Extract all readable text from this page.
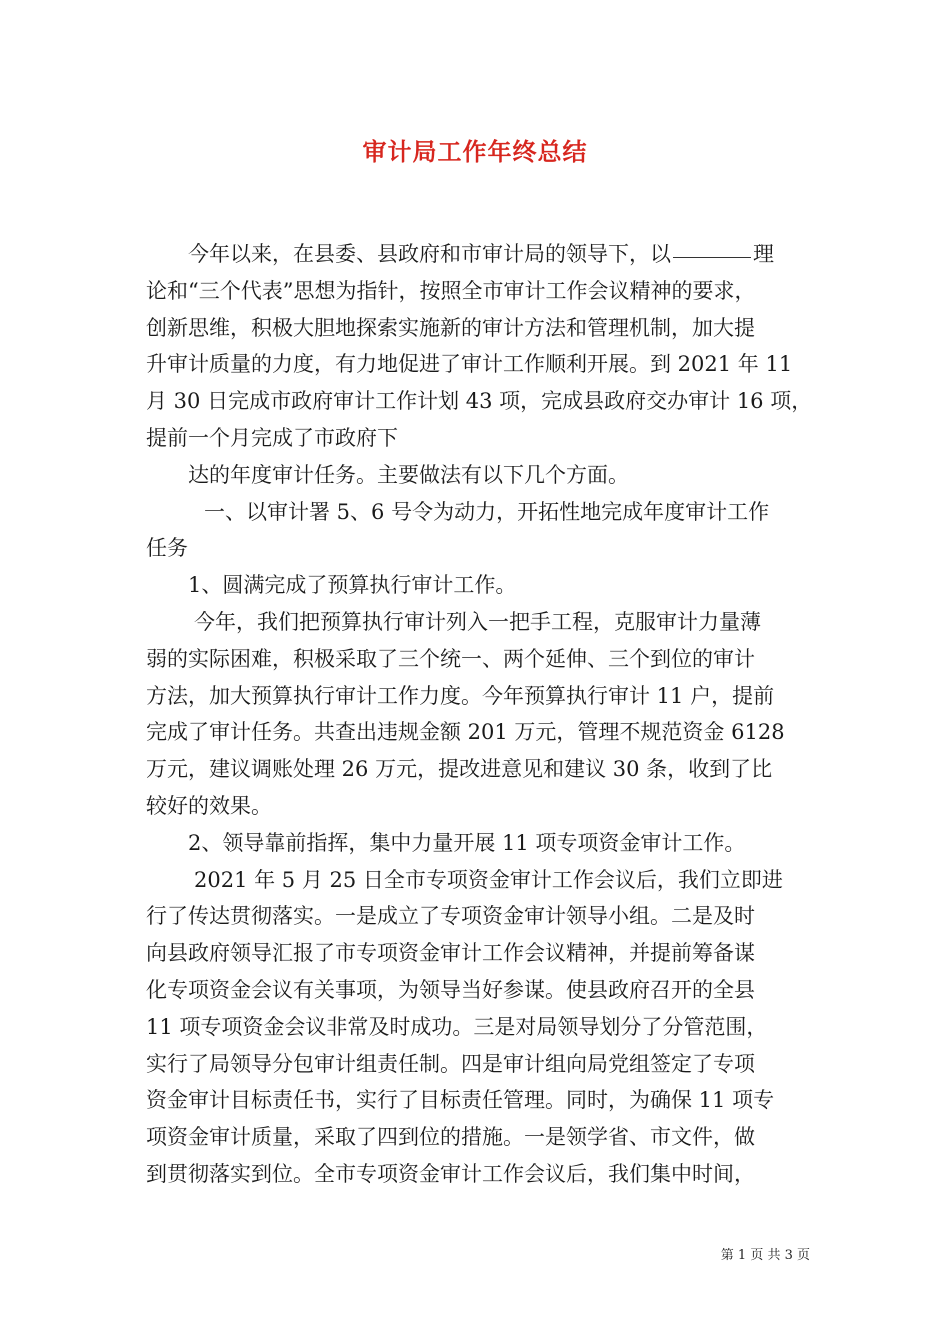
审计局工作年终总结
今年以来，在县委、县政府和市审计局的领导下，以	理
论和“三个代表”思想为指针，按照全市审计工作会议精神的要求，
创新思维，积极大胆地探索实施新的审计方法和管理机制，加大提
升审计质量的力度，有力地促进了审计工作顺利开展。到 2021 年 11
月 30 日完成市政府审计工作计划 43 项，完成县政府交办审计 16 项，
提前一个月完成了市政府下
达的年度审计任务。主要做法有以下几个方面。
一、以审计署 5、6 号令为动力，开拓性地完成年度审计工作
任务
1、圆满完成了预算执行审计工作。
今年，我们把预算执行审计列入一把手工程，克服审计力量薄
弱的实际困难，积极采取了三个统一、两个延伸、三个到位的审计
方法，加大预算执行审计工作力度。今年预算执行审计 11 户，提前
完成了审计任务。共查出违规金额 201 万元，管理不规范资金 6128
万元，建议调账处理 26 万元，提改进意见和建议 30 条，收到了比
较好的效果。
2、领导靠前指挥，集中力量开展 11 项专项资金审计工作。
2021 年 5 月 25 日全市专项资金审计工作会议后，我们立即进
行了传达贯彻落实。一是成立了专项资金审计领导小组。二是及时
向县政府领导汇报了市专项资金审计工作会议精神，并提前筹备谋
化专项资金会议有关事项，为领导当好参谋。使县政府召开的全县
11 项专项资金会议非常及时成功。三是对局领导划分了分管范围，
实行了局领导分包审计组责任制。四是审计组向局党组签定了专项
资金审计目标责任书，实行了目标责任管理。同时，为确保 11 项专
项资金审计质量，采取了四到位的措施。一是领学省、市文件，做
到贯彻落实到位。全市专项资金审计工作会议后，我们集中时间，
第 1 页 共 3 页
